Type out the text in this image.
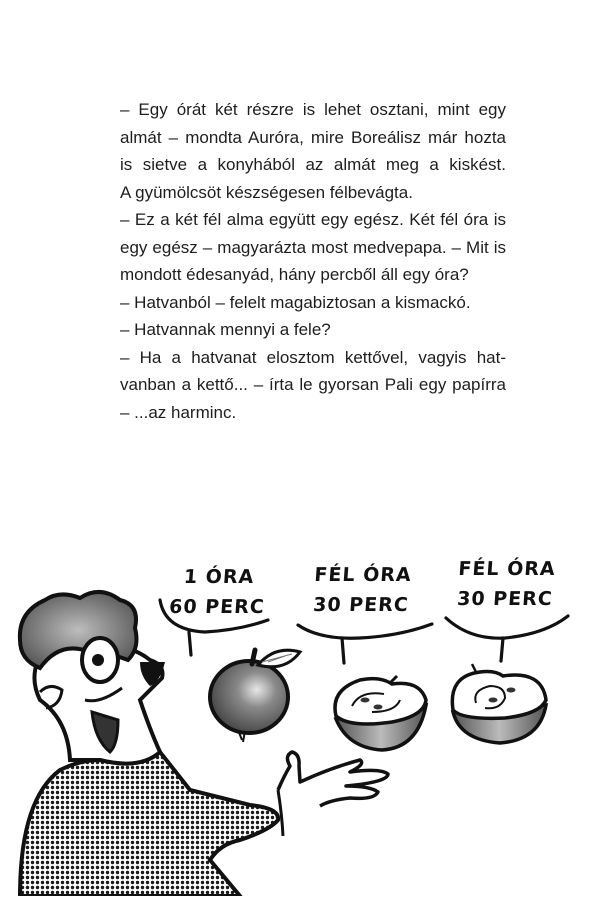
– Egy órát két részre is lehet osztani, mint egy
almát – mondta Auróra, mire Boreálisz már hozta
is sietve a konyhából az almát meg a kiskést.
A gyümölcsöt készségesen félbevágta.
– Ez a két fél alma együtt egy egész. Két fél óra is
egy egész – magyarázta most medvepapa. – Mit is
mondott édesanyád, hány percből áll egy óra?
– Hatvanból – felelt magabiztosan a kismackó.
– Hatvannak mennyi a fele?
– Ha a hatvanat elosztom kettővel, vagyis hat-
vanban a kettő... – írta le gyorsan Pali egy papírra
– ...az harminc.
1 ÓRA
60 PERC
FÉL ÓRA
30 PERC
FÉL ÓRA
30 PERC
